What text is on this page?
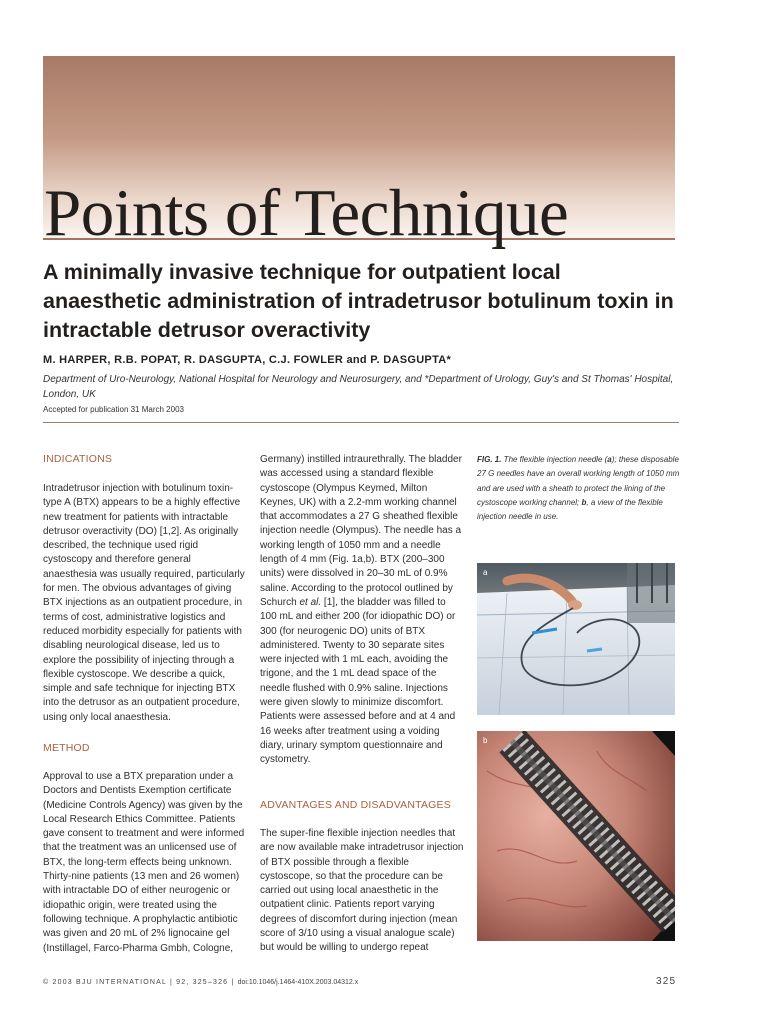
Points of Technique
A minimally invasive technique for outpatient local anaesthetic administration of intradetrusor botulinum toxin in intractable detrusor overactivity
M. HARPER, R.B. POPAT, R. DASGUPTA, C.J. FOWLER and P. DASGUPTA*
Department of Uro-Neurology, National Hospital for Neurology and Neurosurgery, and *Department of Urology, Guy's and St Thomas' Hospital, London, UK
Accepted for publication 31 March 2003
INDICATIONS

Intradetrusor injection with botulinum toxin-type A (BTX) appears to be a highly effective new treatment for patients with intractable detrusor overactivity (DO) [1,2]. As originally described, the technique used rigid cystoscopy and therefore general anaesthesia was usually required, particularly for men. The obvious advantages of giving BTX injections as an outpatient procedure, in terms of cost, administrative logistics and reduced morbidity especially for patients with disabling neurological disease, led us to explore the possibility of injecting through a flexible cystoscope. We describe a quick, simple and safe technique for injecting BTX into the detrusor as an outpatient procedure, using only local anaesthesia.

METHOD

Approval to use a BTX preparation under a Doctors and Dentists Exemption certificate (Medicine Controls Agency) was given by the Local Research Ethics Committee. Patients gave consent to treatment and were informed that the treatment was an unlicensed use of BTX, the long-term effects being unknown. Thirty-nine patients (13 men and 26 women) with intractable DO of either neurogenic or idiopathic origin, were treated using the following technique. A prophylactic antibiotic was given and 20 mL of 2% lignocaine gel (Instillagel, Farco-Pharma Gmbh, Cologne,

Germany) instilled intraurethrally. The bladder was accessed using a standard flexible cystoscope (Olympus Keymed, Milton Keynes, UK) with a 2.2-mm working channel that accommodates a 27 G sheathed flexible injection needle (Olympus). The needle has a working length of 1050 mm and a needle length of 4 mm (Fig. 1a,b). BTX (200–300 units) were dissolved in 20–30 mL of 0.9% saline. According to the protocol outlined by Schurch et al. [1], the bladder was filled to 100 mL and either 200 (for idiopathic DO) or 300 (for neurogenic DO) units of BTX administered. Twenty to 30 separate sites were injected with 1 mL each, avoiding the trigone, and the 1 mL dead space of the needle flushed with 0.9% saline. Injections were given slowly to minimize discomfort. Patients were assessed before and at 4 and 16 weeks after treatment using a voiding diary, urinary symptom questionnaire and cystometry.

ADVANTAGES AND DISADVANTAGES

The super-fine flexible injection needles that are now available make intradetrusor injection of BTX possible through a flexible cystoscope, so that the procedure can be carried out using local anaesthetic in the outpatient clinic. Patients report varying degrees of discomfort during injection (mean score of 3/10 using a visual analogue scale) but would be willing to undergo repeat

FIG. 1. The flexible injection needle (a); these disposable 27 G needles have an overall working length of 1050 mm and are used with a sheath to protect the lining of the cystoscope working channel; b, a view of the flexible injection needle in use.
a
b
© 2003 BJU INTERNATIONAL | 92, 325–326 | doi:10.1046/j.1464-410X.2003.04312.x	325
